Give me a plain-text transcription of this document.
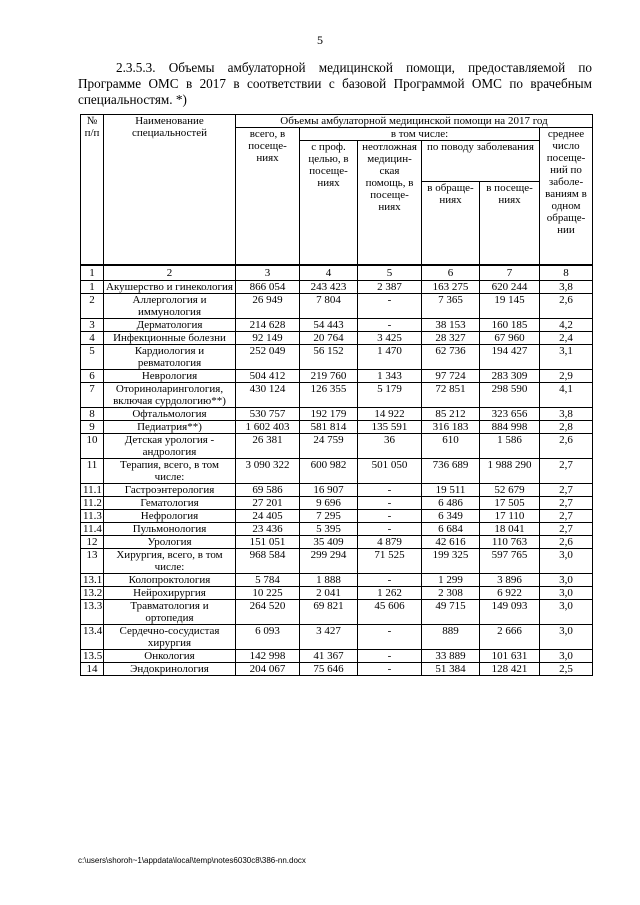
5
2.3.5.3. Объемы амбулаторной медицинской помощи, предоставляемой по Программе ОМС в 2017 в соответствии с базовой Программой ОМС по врачебным специальностям. *)
№ п/п	Наименование специальностей	Объемы амбулаторной медицинской помощи на 2017 год					
		всего, в посеще- ниях	в том числе:				среднее число посеще- ний по заболе- ваниям в одном обраще- нии
			с проф. целью, в посеще- ниях	неотложная медицин- ская помощь, в посеще- ниях	по поводу заболевания		
					в обраще- ниях	в посеще- ниях	
1	2	3	4	5	6	7	8
1	Акушерство и гинекология	866 054	243 423	2 387	163 275	620 244	3,8
2	Аллергология и иммунология	26 949	7 804	-	7 365	19 145	2,6
3	Дерматология	214 628	54 443	-	38 153	160 185	4,2
4	Инфекционные болезни	92 149	20 764	3 425	28 327	67 960	2,4
5	Кардиология и ревматология	252 049	56 152	1 470	62 736	194 427	3,1
6	Неврология	504 412	219 760	1 343	97 724	283 309	2,9
7	Оториноларингология, включая сурдологию**)	430 124	126 355	5 179	72 851	298 590	4,1
8	Офтальмология	530 757	192 179	14 922	85 212	323 656	3,8
9	Педиатрия**)	1 602 403	581 814	135 591	316 183	884 998	2,8
10	Детская урология - андрология	26 381	24 759	36	610	1 586	2,6
11	Терапия, всего, в том числе:	3 090 322	600 982	501 050	736 689	1 988 290	2,7
11.1	Гастроэнтерология	69 586	16 907	-	19 511	52 679	2,7
11.2	Гематология	27 201	9 696	-	6 486	17 505	2,7
11.3	Нефрология	24 405	7 295	-	6 349	17 110	2,7
11.4	Пульмонология	23 436	5 395	-	6 684	18 041	2,7
12	Урология	151 051	35 409	4 879	42 616	110 763	2,6
13	Хирургия, всего, в том числе:	968 584	299 294	71 525	199 325	597 765	3,0
13.1	Колопроктология	5 784	1 888	-	1 299	3 896	3,0
13.2	Нейрохирургия	10 225	2 041	1 262	2 308	6 922	3,0
13.3	Травматология и ортопедия	264 520	69 821	45 606	49 715	149 093	3,0
13.4	Сердечно-сосудистая хирургия	6 093	3 427	-	889	2 666	3,0
13.5	Онкология	142 998	41 367	-	33 889	101 631	3,0
14	Эндокринология	204 067	75 646	-	51 384	128 421	2,5
c:\users\shoroh~1\appdata\local\temp\notes6030c8\386-nn.docx
